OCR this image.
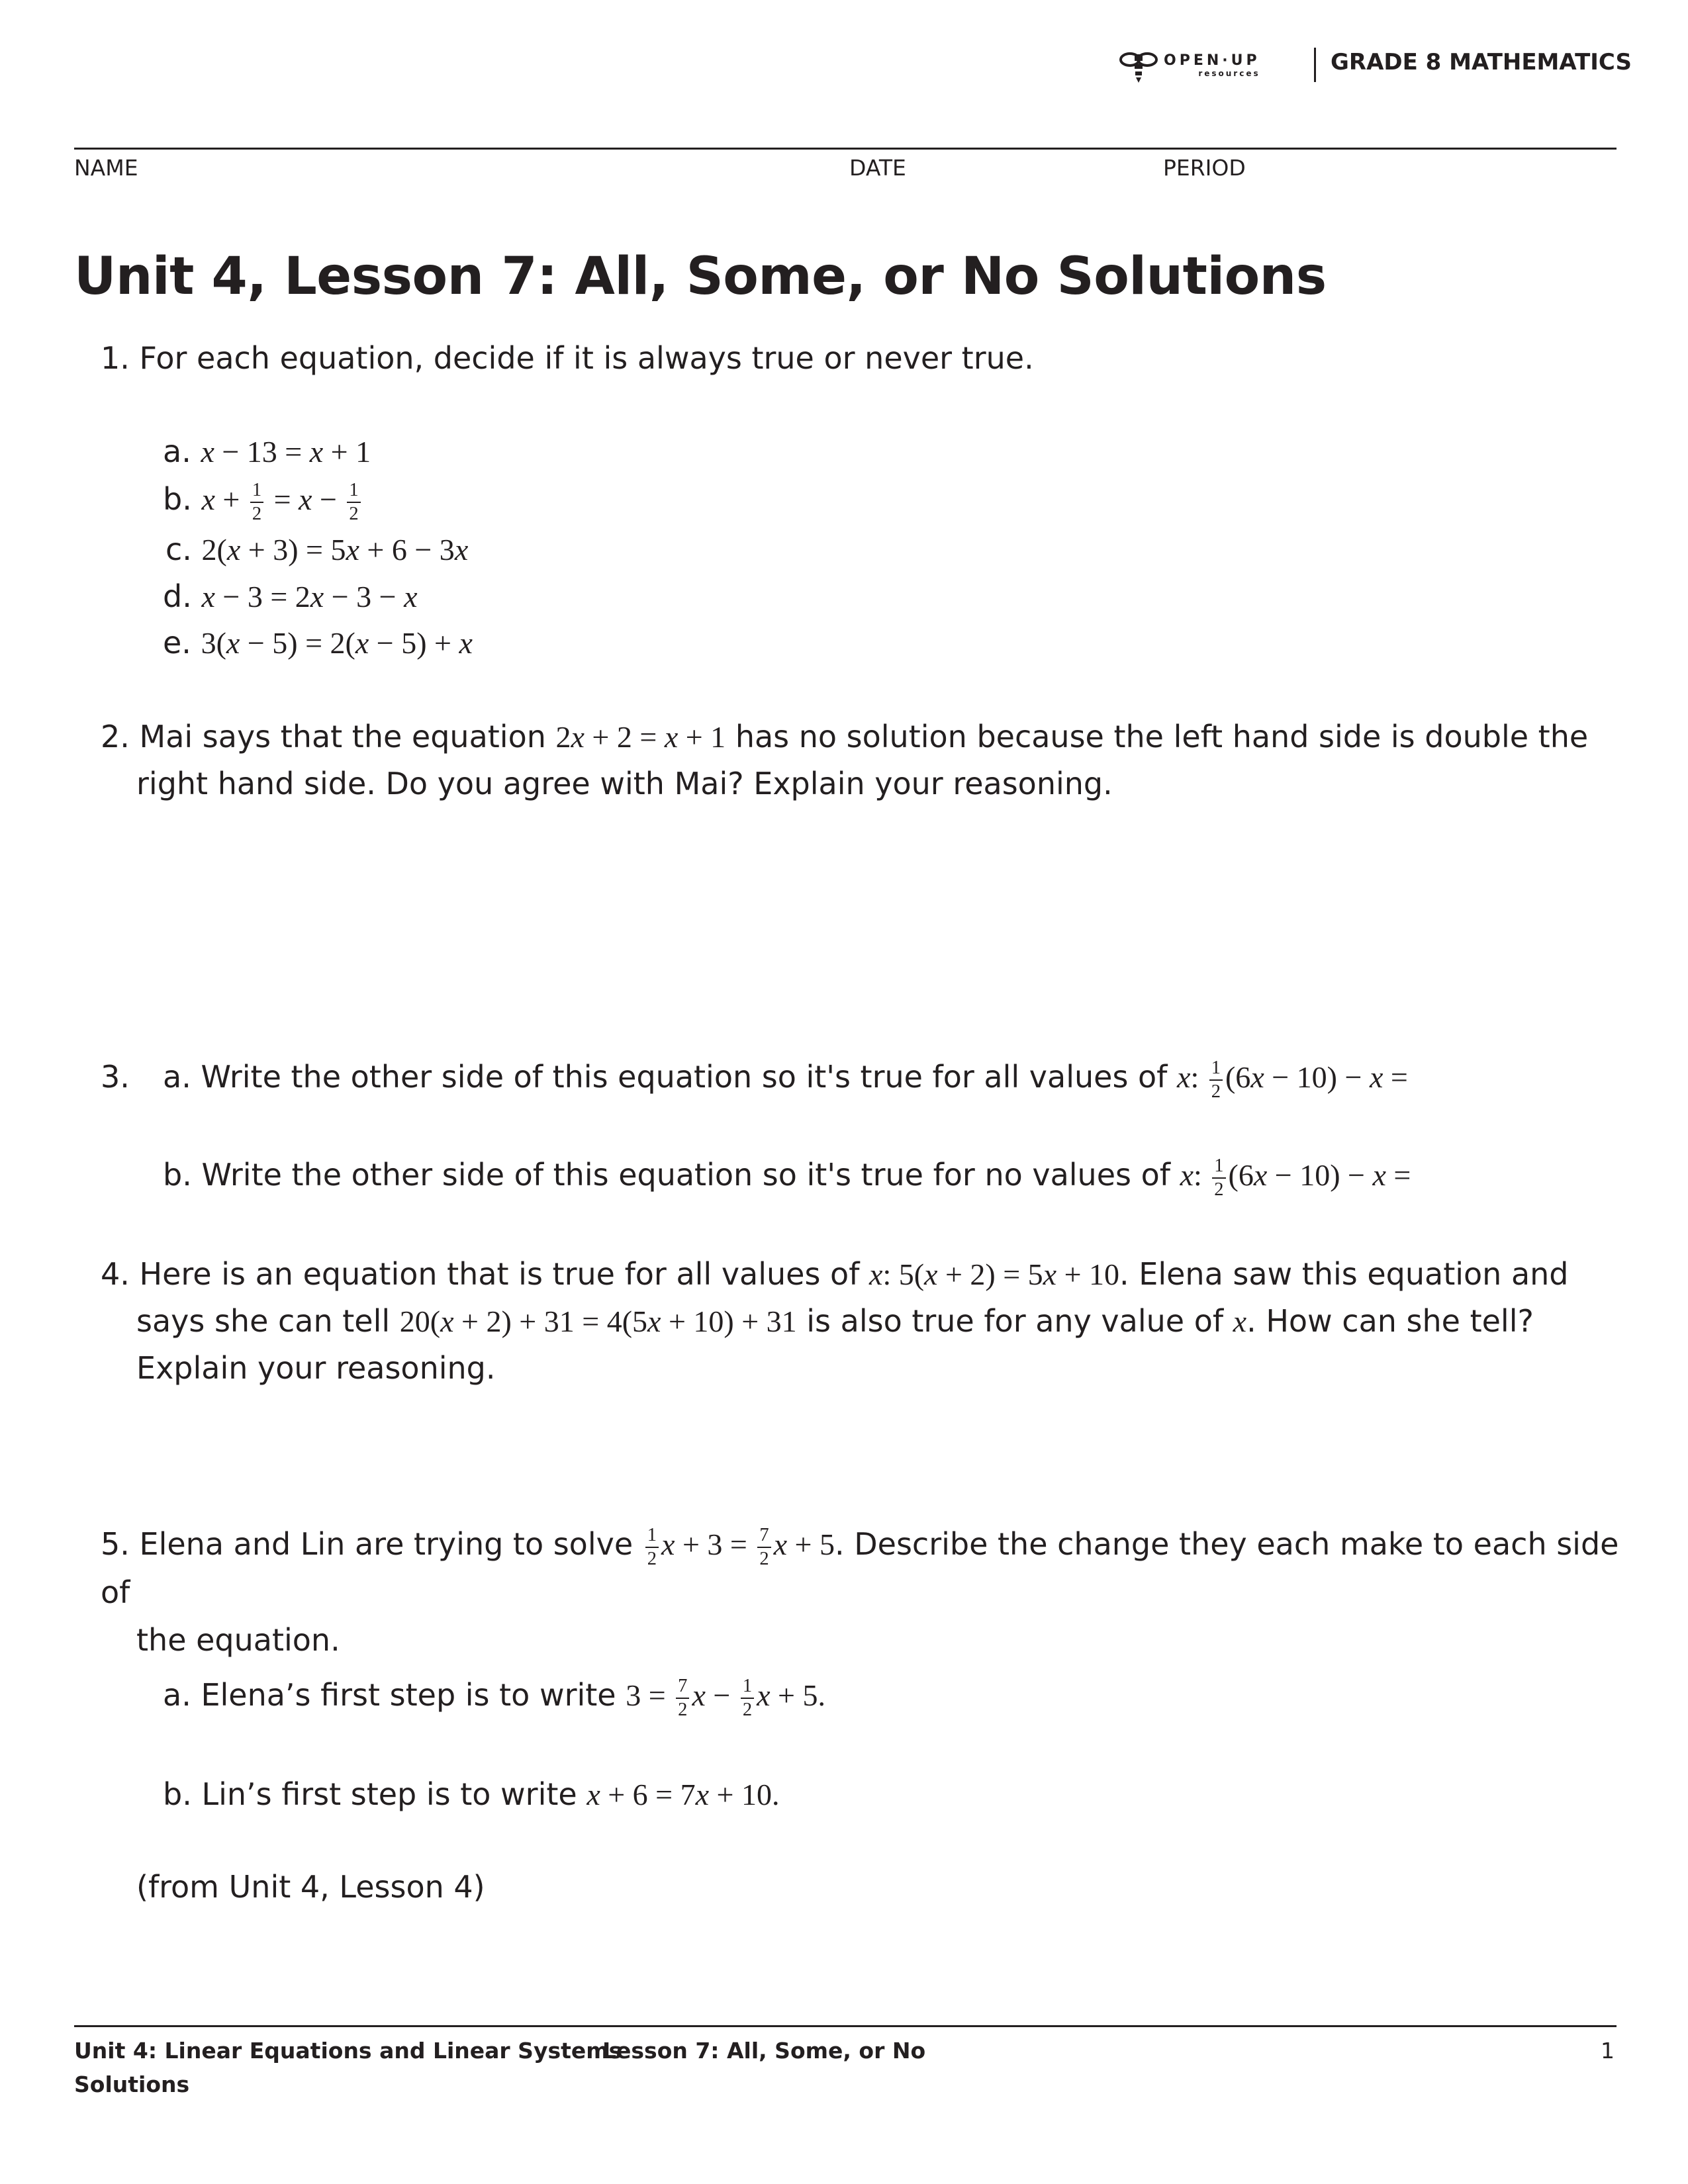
OPEN·UP
resources	GRADE 8 MATHEMATICS
NAME	DATE	PERIOD
Unit 4, Lesson 7: All, Some, or No Solutions
1. For each equation, decide if it is always true or never true.
a. x − 13 = x + 1
b. $x + \frac{1}{2} = x - \frac{1}{2}$
c. 2(x + 3) = 5x + 6 − 3x
d. x − 3 = 2x − 3 − x
e. 3(x − 5) = 2(x − 5) + x
2. Mai says that the equation 2x + 2 = x + 1 has no solution because the left hand side is double the
right hand side. Do you agree with Mai? Explain your reasoning.
3. a. Write the other side of this equation so it's true for all values of x: $\frac{1}{2} (6x - 10) - x$ =
b. Write the other side of this equation so it's true for no values of x: $\frac{1}{2} (6x - 10) - x$ =
4. Here is an equation that is true for all values of x: 5(x + 2) = 5x + 10. Elena saw this equation and
says she can tell 20(x + 2) + 31 = 4(5x + 10) + 31 is also true for any value of x. How can she tell?
Explain your reasoning.
5. Elena and Lin are trying to solve $\frac{1}{2}$ $x + 3 = \frac{7}{2}$ x + 5. Describe the change they each make to each side of
the equation.
a. Elena’s first step is to write $3 = \frac{7}{2}$ $x - \frac{1}{2}$ x + 5.
b. Lin’s first step is to write x + 6 = 7x + 10.
(from Unit 4, Lesson 4)
Unit 4: Linear Equations and Linear Systems
Lesson 7: All, Some, or No
Solutions
1
